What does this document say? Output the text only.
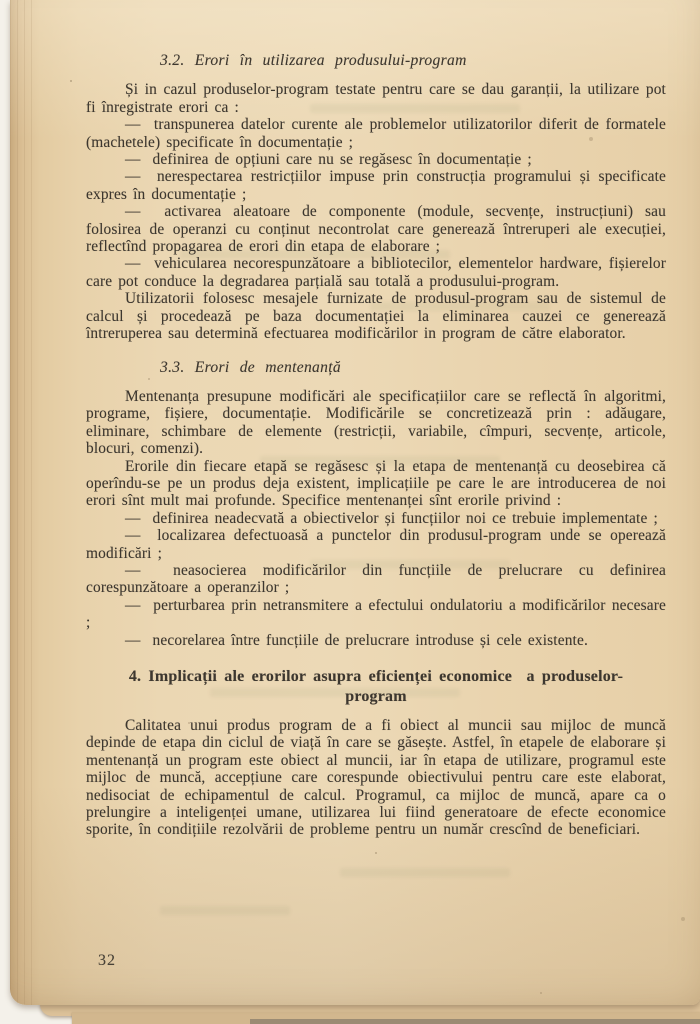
3.2. Erori în utilizarea produsului-program

Și in cazul produselor-program testate pentru care se dau garanții, la utilizare pot fi înregistrate erori ca :

—  transpunerea datelor curente ale problemelor utilizatorilor diferit de formatele (machetele) specificate în documentație ;

—  definirea de opțiuni care nu se regăsesc în documentație ;

—  nerespectarea restricțiilor impuse prin construcția programului și specificate expres în documentație ;

—  activarea aleatoare de componente (module, secvențe, instrucțiuni) sau folosirea de operanzi cu conținut necontrolat care generează întreruperi ale execuției, reflectînd propagarea de erori din etapa de elaborare ;

—  vehicularea necorespunzătoare a bibliotecilor, elementelor hardware, fișierelor care pot conduce la degradarea parțială sau totală a produsului-program.

Utilizatorii folosesc mesajele furnizate de produsul-program sau de sistemul de calcul și procedează pe baza documentației la eliminarea cauzei ce generează întreruperea sau determină efectuarea modificărilor in program de către elaborator.

3.3. Erori de mentenanță

Mentenanța presupune modificări ale specificațiilor care se reflectă în algoritmi, programe, fișiere, documentație. Modificările se concretizează prin : adăugare, eliminare, schimbare de elemente (restricții, variabile, cîmpuri, secvențe, articole, blocuri, comenzi).

Erorile din fiecare etapă se regăsesc și la etapa de mentenanță cu deosebirea că operîndu-se pe un produs deja existent, implicațiile pe care le are introducerea de noi erori sînt mult mai profunde. Specifice mentenanței sînt erorile privind :

—  definirea neadecvată a obiectivelor și funcțiilor noi ce trebuie implementate ;

—  localizarea defectuoasă a punctelor din produsul-program unde se operează modificări ;

—  neasocierea modificărilor din funcțiile de prelucrare cu definirea corespunzătoare a operanzilor ;

—  perturbarea prin netransmitere a efectului ondulatoriu a modificărilor necesare ;

—  necorelarea între funcțiile de prelucrare introduse și cele existente.

4. Implicații ale erorilor asupra eficienței economice  a produselor-
program

Calitatea unui produs program de a fi obiect al muncii sau mijloc de muncă depinde de etapa din ciclul de viață în care se găsește. Astfel, în etapele de elaborare și mentenanță un program este obiect al muncii, iar în etapa de utilizare, programul este mijloc de muncă, accepțiune care corespunde obiectivului pentru care este elaborat, nedisociat de echipamentul de calcul. Programul, ca mijloc de muncă, apare ca o prelungire a inteligenței umane, utilizarea lui fiind generatoare de efecte economice sporite, în condițiile rezolvării de probleme pentru un număr crescînd de beneficiari.

32
